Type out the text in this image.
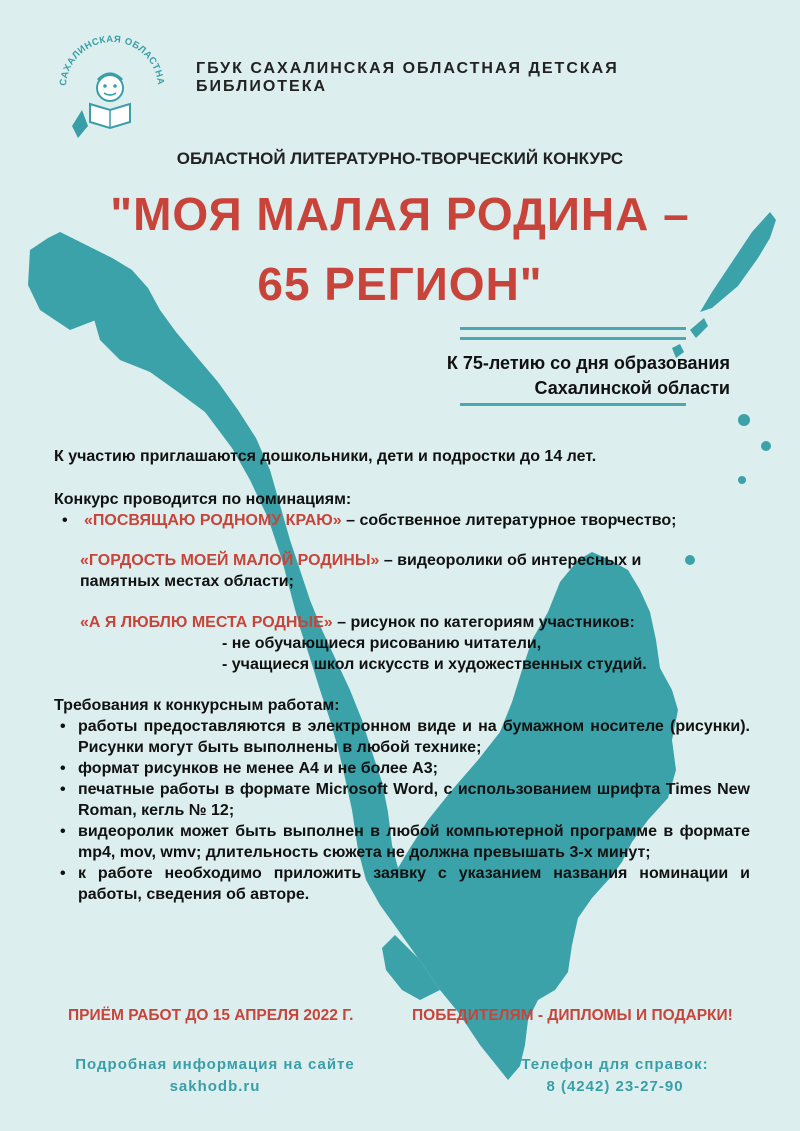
САХАЛИНСКАЯ ОБЛАСТНА
ГБУК САХАЛИНСКАЯ ОБЛАСТНАЯ ДЕТСКАЯ БИБЛИОТЕКА
ОБЛАСТНОЙ ЛИТЕРАТУРНО-ТВОРЧЕСКИЙ КОНКУРС
"МОЯ МАЛАЯ РОДИНА –
65 РЕГИОН"
К 75-летию со дня образования
Сахалинской области
К участию приглашаются дошкольники, дети и подростки до 14 лет.
Конкурс проводится по номинациям:
• «ПОСВЯЩАЮ РОДНОМУ КРАЮ» – собственное литературное творчество;
«ГОРДОСТЬ МОЕЙ МАЛОЙ РОДИНЫ» – видеоролики об интересных и
памятных местах области;
«А Я ЛЮБЛЮ МЕСТА РОДНЫЕ» – рисунок по категориям участников:
- не обучающиеся рисованию читатели,
- учащиеся школ искусств и художественных студий.
Требования к конкурсным работам:
• работы предоставляются в электронном виде и на бумажном носителе (рисунки). Рисунки могут быть выполнены в любой технике;
• формат рисунков не менее А4 и не более А3;
• печатные работы в формате Microsoft Word, с использованием шрифта Times New Roman, кегль № 12;
• видеоролик может быть выполнен в любой компьютерной программе в формате mp4, mov, wmv; длительность сюжета не должна превышать 3-х минут;
• к работе необходимо приложить заявку с указанием названия номинации и работы, сведения об авторе.
ПРИЁМ РАБОТ ДО 15 АПРЕЛЯ 2022 Г.	ПОБЕДИТЕЛЯМ - ДИПЛОМЫ И ПОДАРКИ!
Подробная информация на сайте
sakhodb.ru
Телефон для справок:
8 (4242) 23-27-90
